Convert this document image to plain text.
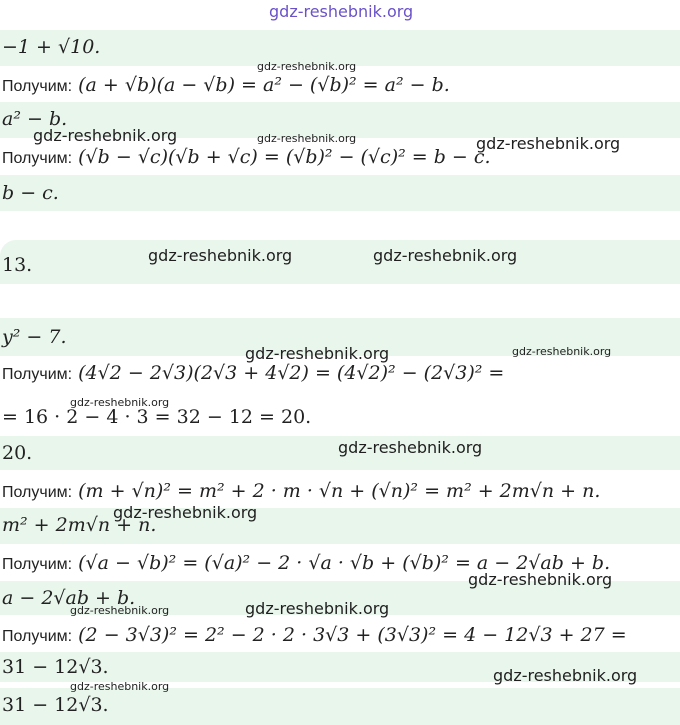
gdz-reshebnik.org
−1 + √10.
Получим: (a + √b)(a − √b) = a² − (√b)² = a² − b.
a² − b.
Получим: (√b − √c)(√b + √c) = (√b)² − (√c)² = b − c.
b − c.
13.
y² − 7.
Получим: (4√2 − 2√3)(2√3 + 4√2) = (4√2)² − (2√3)² =
= 16 · 2 − 4 · 3 = 32 − 12 = 20.
20.
Получим: (m + √n)² = m² + 2 · m · √n + (√n)² = m² + 2m√n + n.
m² + 2m√n + n.
Получим: (√a − √b)² = (√a)² − 2 · √a · √b + (√b)² = a − 2√ab + b.
a − 2√ab + b.
Получим: (2 − 3√3)² = 2² − 2 · 2 · 3√3 + (3√3)² = 4 − 12√3 + 27 =
31 − 12√3.
31 − 12√3.
gdz-reshebnik.org
gdz-reshebnik.org	gdz-reshebnik.org	gdz-reshebnik.org
gdz-reshebnik.org	gdz-reshebnik.org
gdz-reshebnik.org	gdz-reshebnik.org
gdz-reshebnik.org
gdz-reshebnik.org
gdz-reshebnik.org
gdz-reshebnik.org
gdz-reshebnik.org	gdz-reshebnik.org
gdz-reshebnik.org
gdz-reshebnik.org
